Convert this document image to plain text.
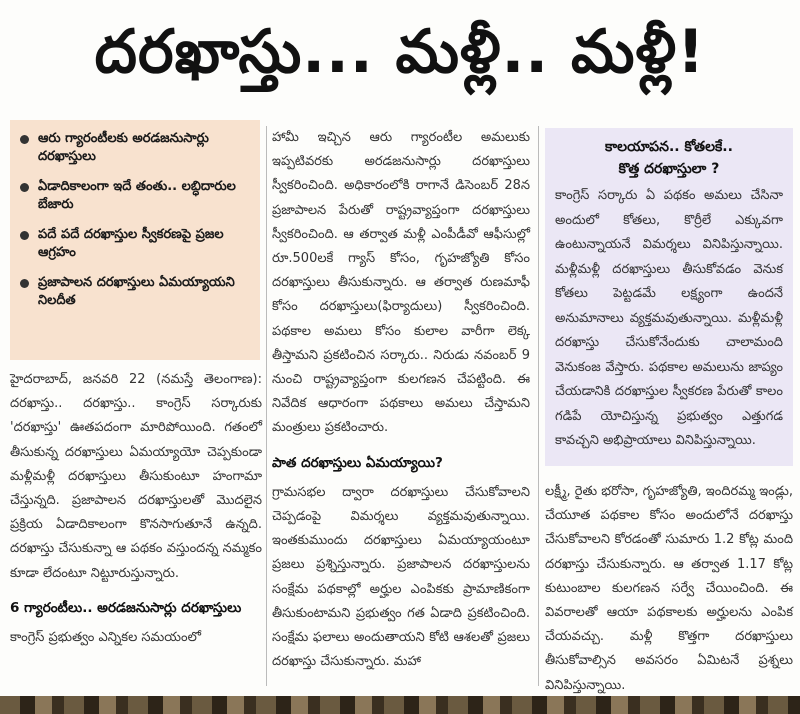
దరఖాస్తు... మళ్లీ.. మళ్లీ!
ఆరు గ్యారంటీలకు అరడజనుసార్లు దరఖాస్తులు
ఏడాదికాలంగా ఇదే తంతు.. లబ్ధిదారుల బేజారు
పదే పదే దరఖాస్తుల స్వీకరణపై ప్రజల ఆగ్రహం
ప్రజాపాలన దరఖాస్తులు ఏమయ్యాయని నిలదీత

హైదరాబాద్, జనవరి 22 (నమస్తే తెలంగాణ): దరఖాస్తు.. దరఖాస్తు.. కాంగ్రెస్ సర్కారుకు 'దరఖాస్తు' ఊతపదంగా మారిపోయింది. గతంలో తీసుకున్న దరఖాస్తులు ఏమయ్యాయో చెప్పకుండా మళ్లీమళ్లీ దరఖాస్తులు తీసుకుంటూ హంగామా చేస్తున్నది. ప్రజాపాలన దరఖాస్తులతో మొదలైన ప్రక్రియ ఏడాదికాలంగా కొనసాగుతూనే ఉన్నది. దరఖాస్తు చేసుకున్నా ఆ పథకం వస్తుందన్న నమ్మకం కూడా లేదంటూ నిట్టూరుస్తున్నారు.

6 గ్యారంటీలు.. అరడజనుసార్లు దరఖాస్తులు

కాంగ్రెస్ ప్రభుత్వం ఎన్నికల సమయంలో

హామీ ఇచ్చిన ఆరు గ్యారంటీల అమలుకు ఇప్పటివరకు అరడజనుసార్లు దరఖాస్తులు స్వీకరించింది. అధికారంలోకి రాగానే డిసెంబర్ 28న ప్రజాపాలన పేరుతో రాష్ట్రవ్యాప్తంగా దరఖాస్తులు స్వీకరించింది. ఆ తర్వాత మళ్లీ ఎంపీడీవో ఆఫీసుల్లో రూ.500లకే గ్యాస్ కోసం, గృహజ్యోతి కోసం దరఖాస్తులు తీసుకున్నారు. ఆ తర్వాత రుణమాఫీ కోసం దరఖాస్తులు(ఫిర్యాదులు) స్వీకరించింది. పథకాల అమలు కోసం కులాల వారీగా లెక్క తీస్తామని ప్రకటించిన సర్కారు.. నిరుడు నవంబర్ 9 నుంచి రాష్ట్రవ్యాప్తంగా కులగణన చేపట్టింది. ఈ నివేదిక ఆధారంగా పథకాలు అమలు చేస్తామని మంత్రులు ప్రకటించారు.

పాత దరఖాస్తులు ఏమయ్యాయి?

గ్రామసభల ద్వారా దరఖాస్తులు చేసుకోవాలని చెప్పడంపై విమర్శలు వ్యక్తమవుతున్నాయి. ఇంతకుముందు దరఖాస్తులు ఏమయ్యాయంటూ ప్రజలు ప్రశ్నిస్తున్నారు. ప్రజాపాలన దరఖాస్తులను సంక్షేమ పథకాల్లో అర్హుల ఎంపికకు ప్రామాణికంగా తీసుకుంటామని ప్రభుత్వం గత ఏడాది ప్రకటించింది. సంక్షేమ ఫలాలు అందుతాయని కోటి ఆశలతో ప్రజలు దరఖాస్తు చేసుకున్నారు. మహా

కాలయాపన.. కోతలకే..
కొత్త దరఖాస్తులా ?
కాంగ్రెస్ సర్కారు ఏ పథకం అమలు చేసినా అందులో కోతలు, కొర్రీలే ఎక్కువగా ఉంటున్నాయనే విమర్శలు వినిపిస్తున్నాయి. మళ్లీమళ్లీ దరఖాస్తులు తీసుకోవడం వెనుక కోతలు పెట్టడమే లక్ష్యంగా ఉందనే అనుమానాలు వ్యక్తమవుతున్నాయి. మళ్లీమళ్లీ దరఖాస్తు చేసుకోనేందుకు చాలామంది వెనుకంజ వేస్తారు. పథకాల అమలును జాప్యం చేయడానికి దరఖాస్తుల స్వీకరణ పేరుతో కాలం గడిపే యోచిస్తున్న ప్రభుత్వం ఎత్తుగడ కావచ్చని అభిప్రాయాలు వినిపిస్తున్నాయి.

లక్ష్మీ, రైతు భరోసా, గృహజ్యోతి, ఇందిరమ్మ ఇండ్లు, చేయూత పథకాల కోసం అందులోనే దరఖాస్తు చేసుకోవాలని కోరడంతో సుమారు 1.2 కోట్ల మంది దరఖాస్తు చేసుకున్నారు. ఆ తర్వాత 1.17 కోట్ల కుటుంబాల కులగణన సర్వే చేయించింది. ఈ వివరాలతో ఆయా పథకాలకు అర్హులను ఎంపిక చేయవచ్చు. మళ్లీ కొత్తగా దరఖాస్తులు తీసుకోవాల్సిన అవసరం ఏమిటనే ప్రశ్నలు వినిపిస్తున్నాయి.
